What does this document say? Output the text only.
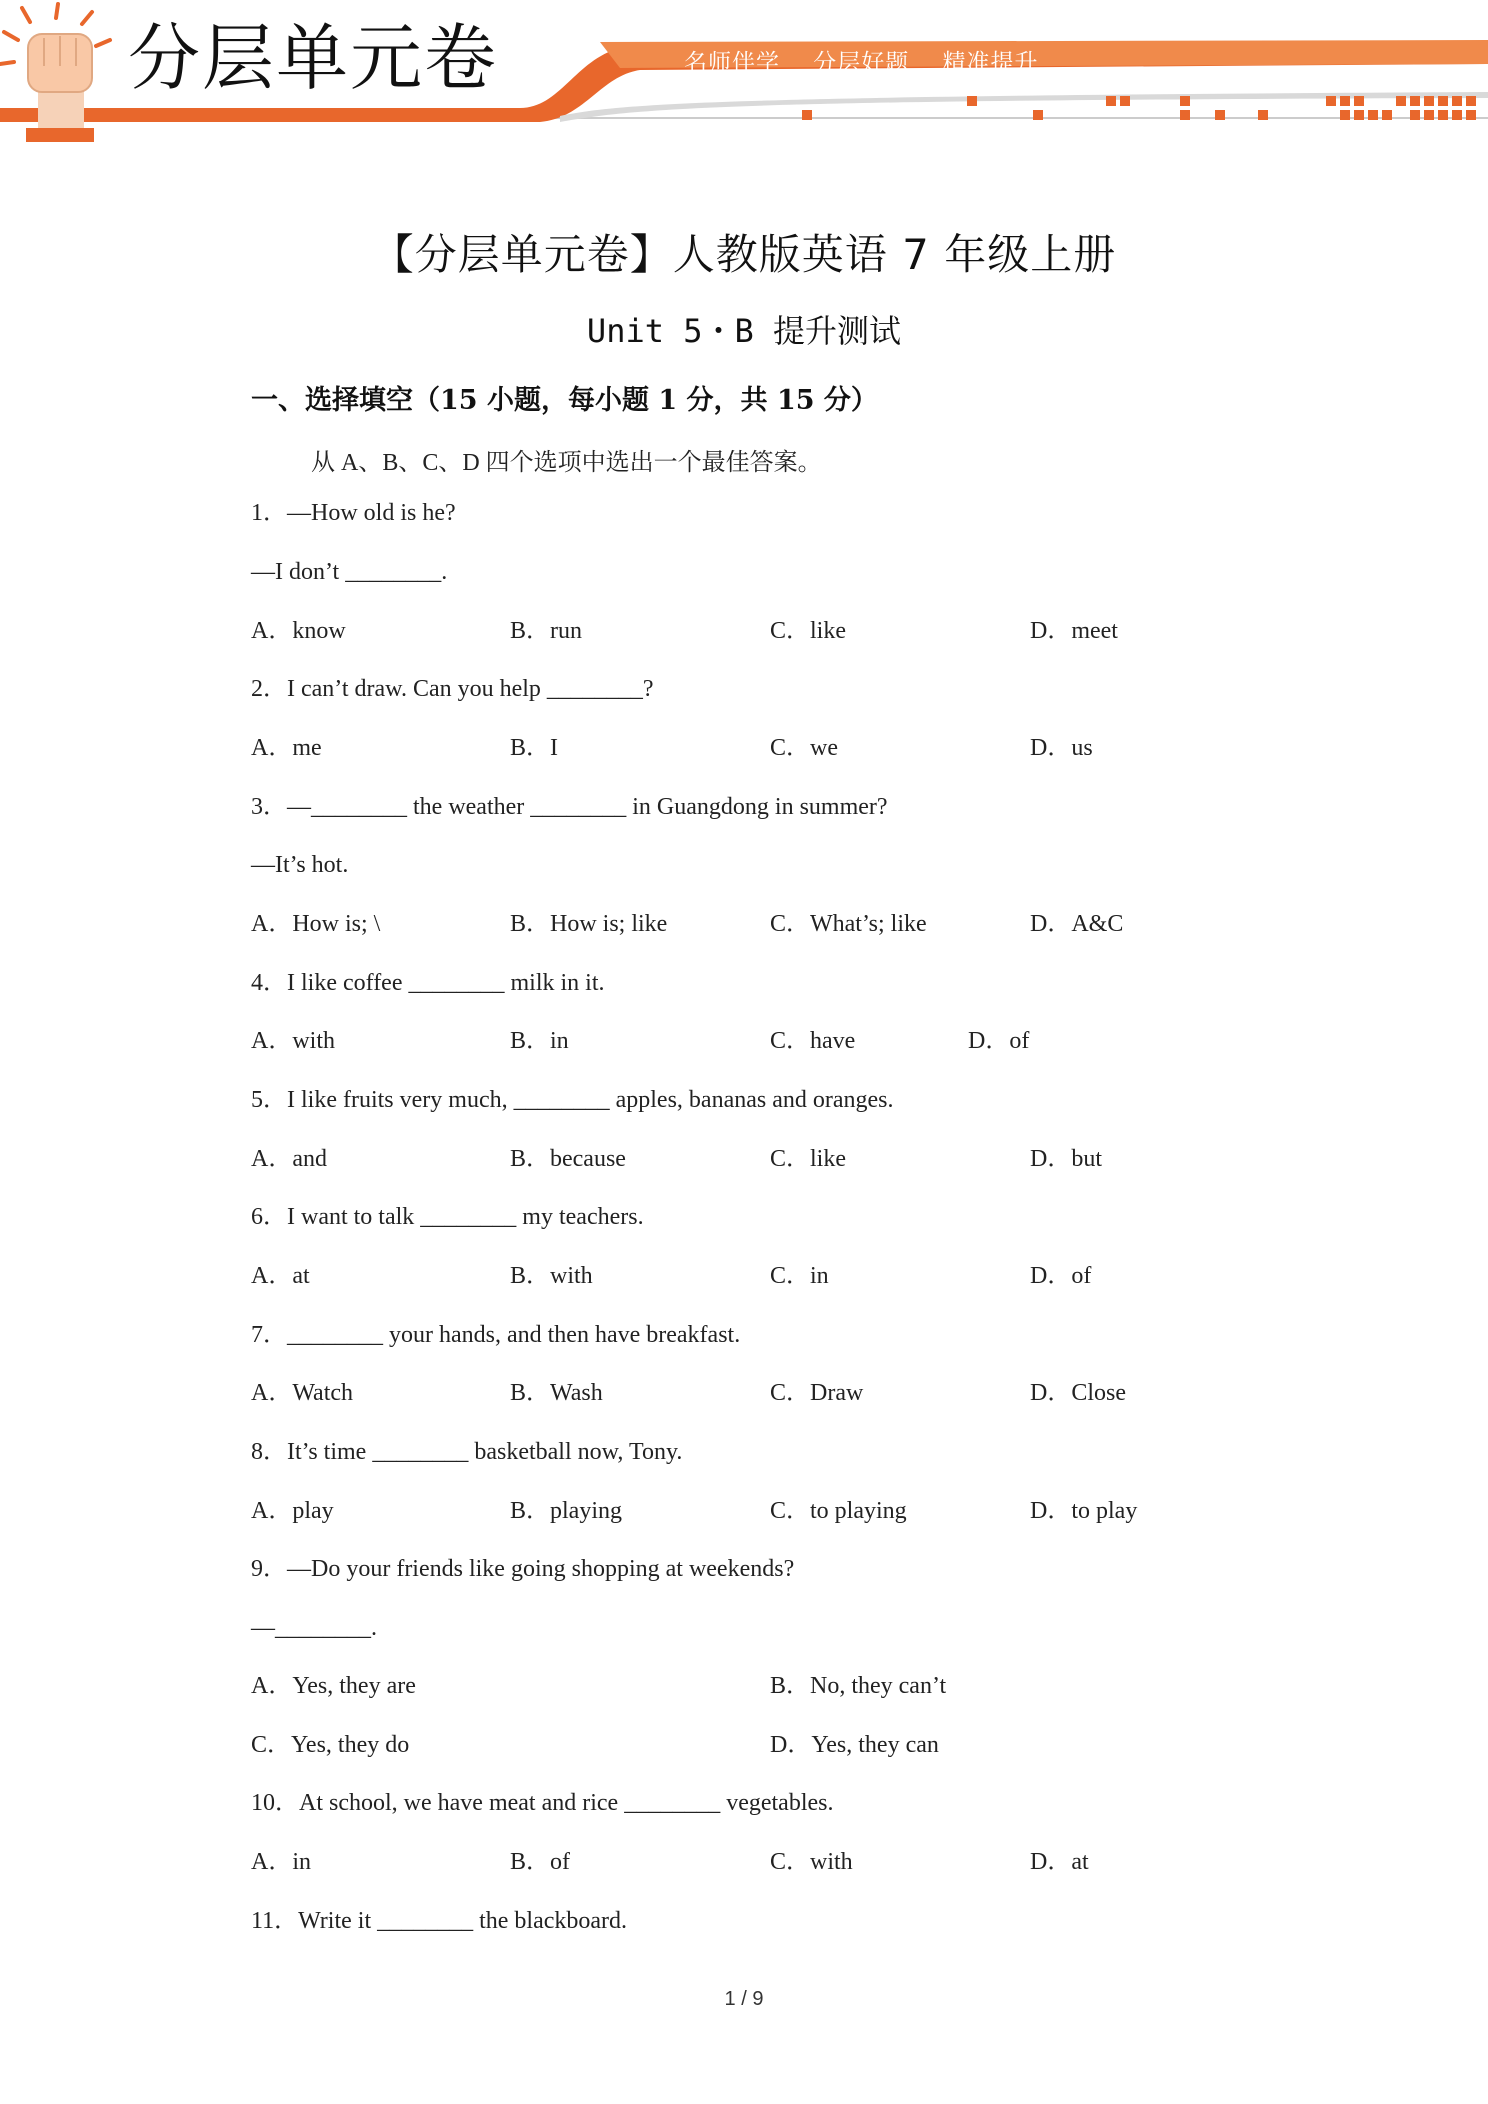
分层单元卷	名师伴学    分层好题    精准提升
【分层单元卷】人教版英语 7 年级上册
Unit 5・B 提升测试
一、选择填空（15 小题，每小题 1 分，共 15 分）
从 A、B、C、D 四个选项中选出一个最佳答案。
1．—How old is he?
—I don’t ________.
A．know	B．run	C．like	D．meet
2．I can’t draw. Can you help ________?
A．me	B．I	C．we	D．us
3．—________ the weather ________ in Guangdong in summer?
—It’s hot.
A．How is; \	B．How is; like	C．What’s; like	D．A&C
4．I like coffee ________ milk in it.
A．with	B．in	C．have	D．of
5．I like fruits very much, ________ apples, bananas and oranges.
A．and	B．because	C．like	D．but
6．I want to talk ________ my teachers.
A．at	B．with	C．in	D．of
7．________ your hands, and then have breakfast.
A．Watch	B．Wash	C．Draw	D．Close
8．It’s time ________ basketball now, Tony.
A．play	B．playing	C．to playing	D．to play
9．—Do your friends like going shopping at weekends?
—________.
A．Yes, they are	B．No, they can’t
C．Yes, they do	D．Yes, they can
10．At school, we have meat and rice ________ vegetables.
A．in	B．of	C．with	D．at
11．Write it ________ the blackboard.
1 / 9
